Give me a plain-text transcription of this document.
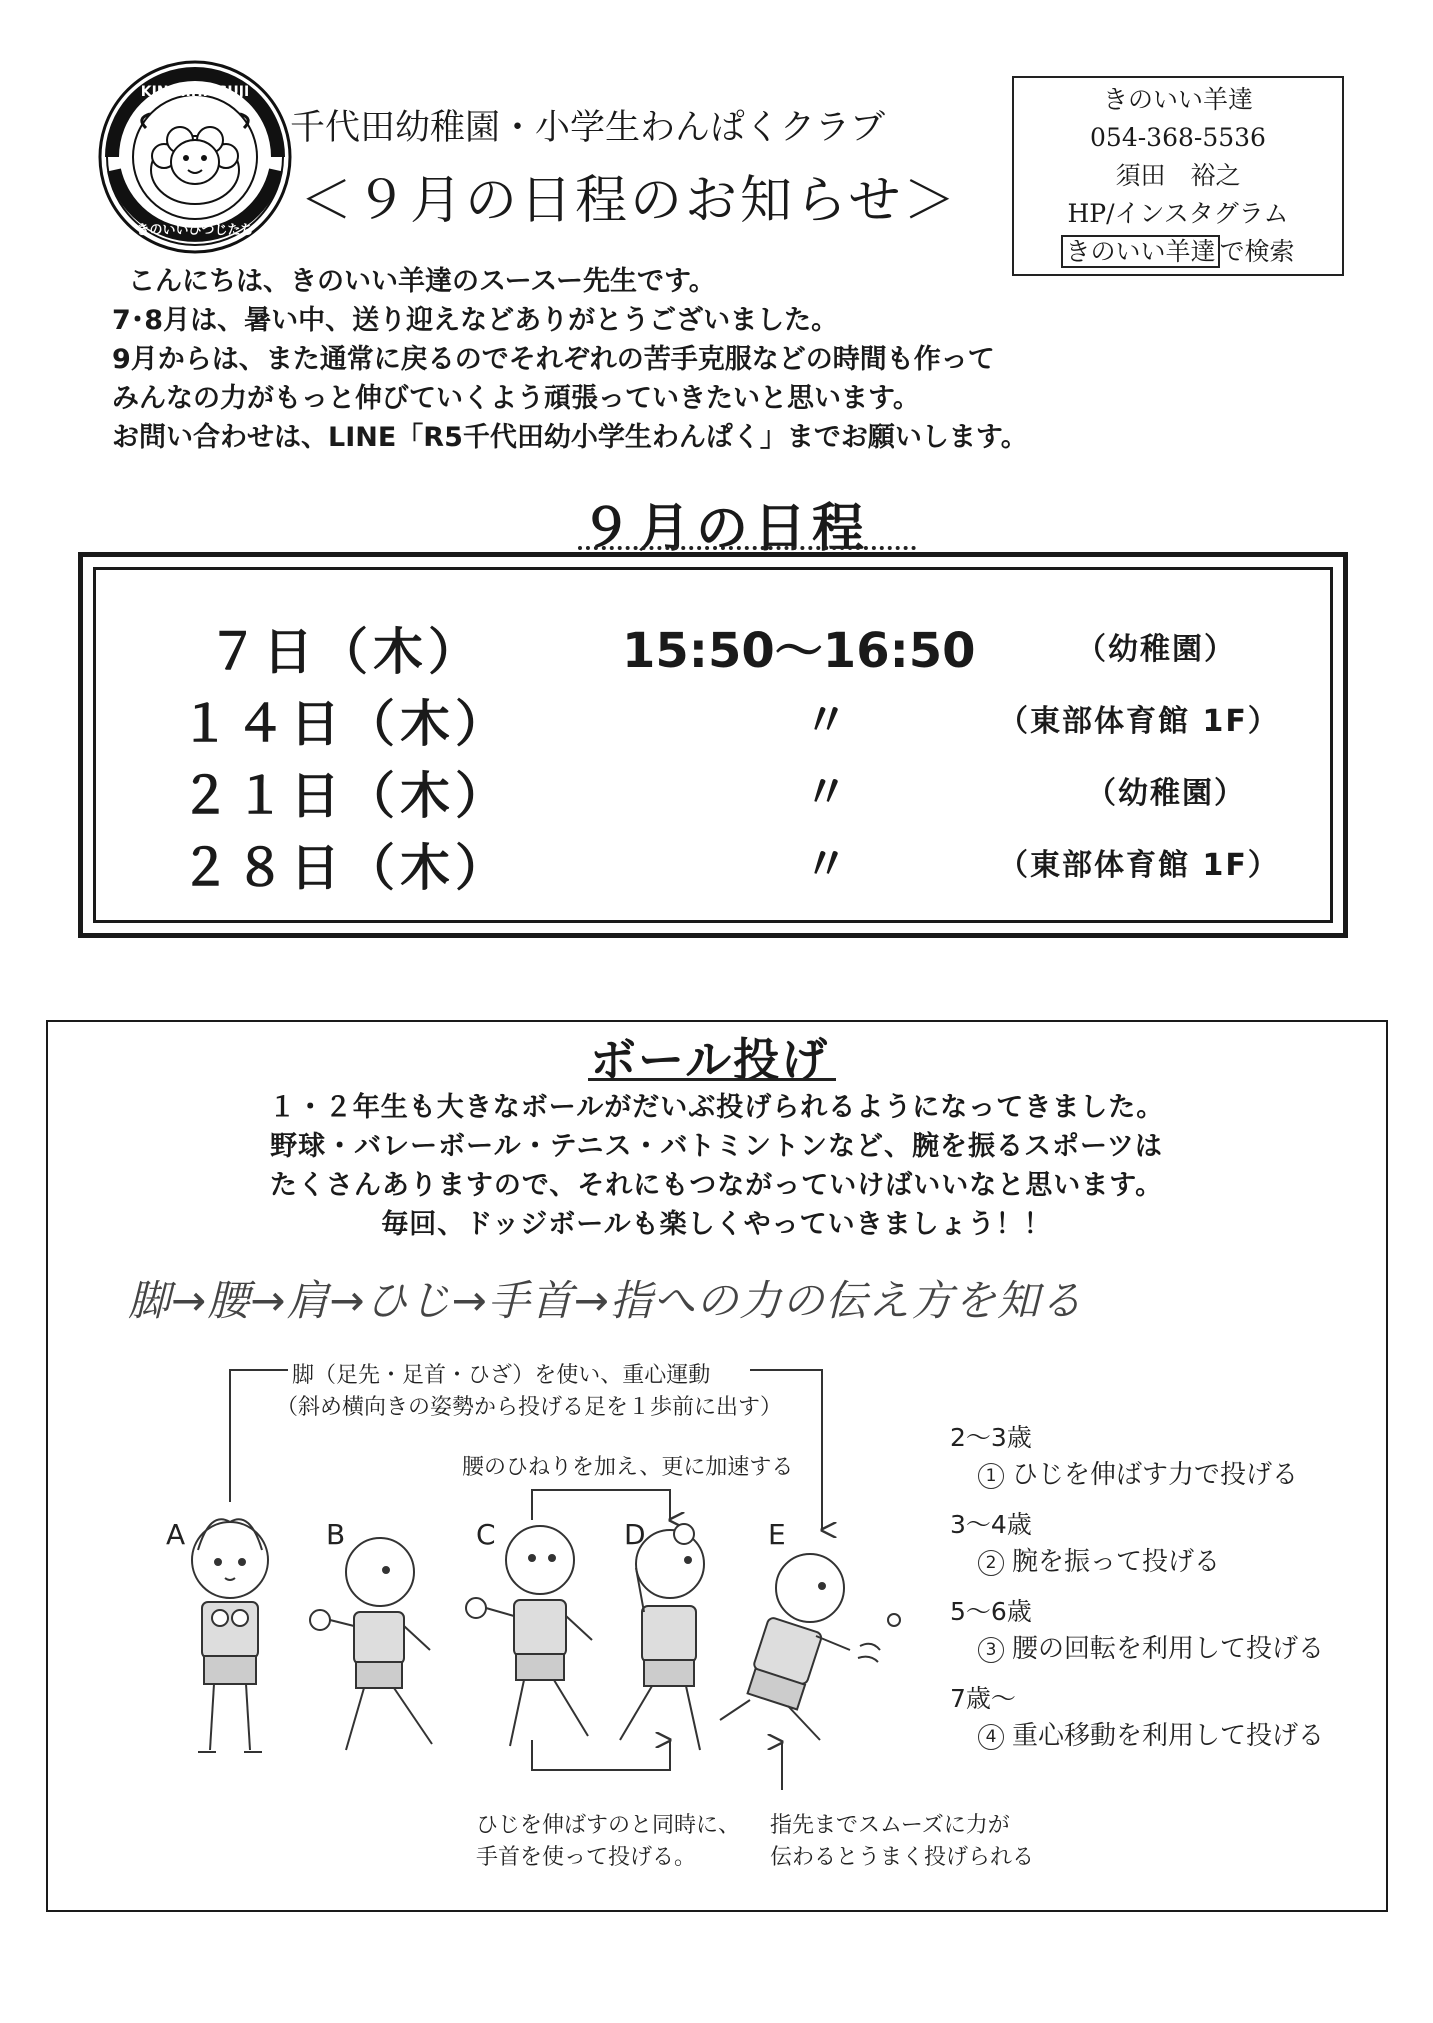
KINOIIHITSUJI
きのいいひつじたち
千代田幼稚園・小学生わんぱくクラブ
＜９月の日程のお知らせ＞
きのいい羊達
054-368-5536
須田　裕之
HP/インスタグラム
きのいい羊達 で検索
こんにちは、きのいい羊達のスースー先生です。
7･8月は、暑い中、送り迎えなどありがとうございました。
9月からは、また通常に戻るのでそれぞれの苦手克服などの時間も作って
みんなの力がもっと伸びていくよう頑張っていきたいと思います。
お問い合わせは、LINE「R5千代田幼小学生わんぱく」までお願いします。
９月の日程
７日（木）	15:50～16:50	（幼稚園）
１４日（木）	〃	（東部体育館 1F）
２１日（木）	〃	（幼稚園）
２８日（木）	〃	（東部体育館 1F）
ボール投げ
１・２年生も大きなボールがだいぶ投げられるようになってきました。
野球・バレーボール・テニス・バトミントンなど、腕を振るスポーツは
たくさんありますので、それにもつながっていけばいいなと思います。
毎回、ドッジボールも楽しくやっていきましょう！！
脚→腰→肩→ひじ→手首→指への力の伝え方を知る
脚（足先・足首・ひざ）を使い、重心運動
（斜め横向きの姿勢から投げる足を１歩前に出す）
腰のひねりを加え、更に加速する
A	B	C	D	E
ひじを伸ばすのと同時に、
手首を使って投げる。
指先までスムーズに力が
伝わるとうまく投げられる
2～3歳
1 ひじを伸ばす力で投げる
3～4歳
2 腕を振って投げる
5～6歳
3 腰の回転を利用して投げる
7歳～
4 重心移動を利用して投げる
